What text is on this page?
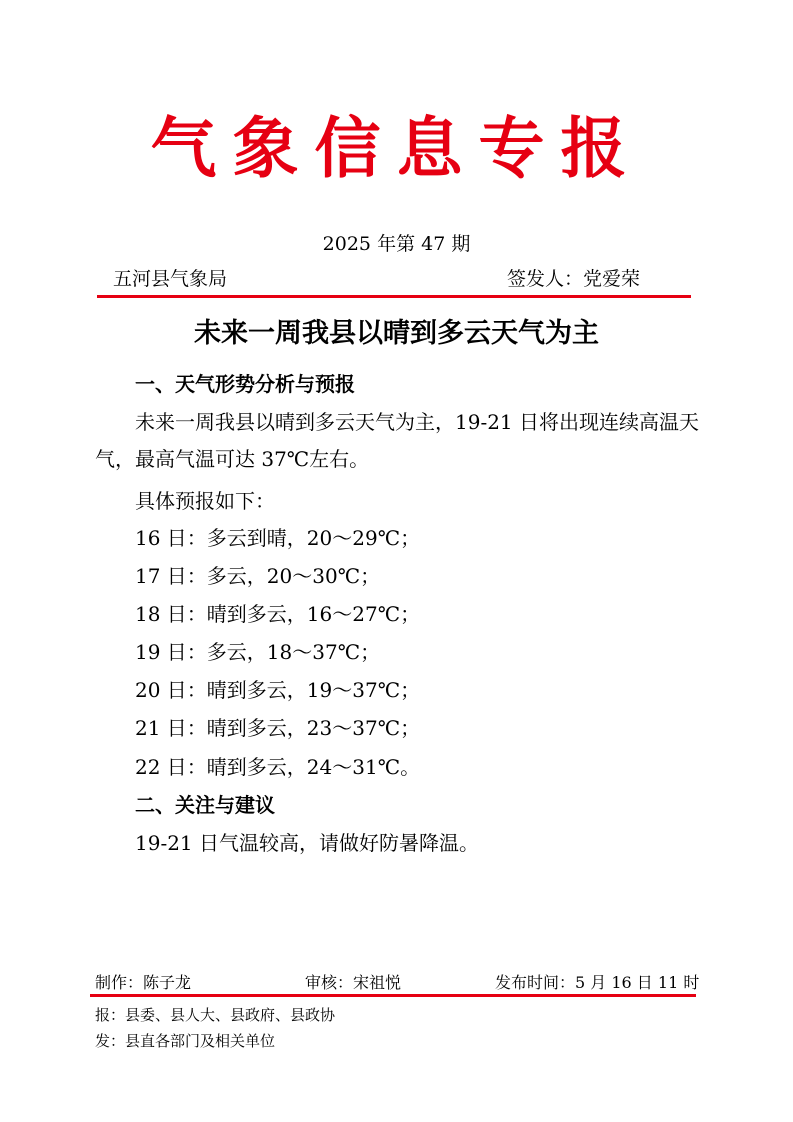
气象信息专报
2025 年第 47 期
五河县气象局	签发人：党爱荣
未来一周我县以晴到多云天气为主
一、天气形势分析与预报

未来一周我县以晴到多云天气为主，19-21 日将出现连续高温天气，最高气温可达 37℃左右。

具体预报如下：
16 日：多云到晴，20～29℃；
17 日：多云，20～30℃；
18 日：晴到多云，16～27℃；
19 日：多云，18～37℃；
20 日：晴到多云，19～37℃；
21 日：晴到多云，23～37℃；
22 日：晴到多云，24～31℃。
二、关注与建议
19-21 日气温较高，请做好防暑降温。
制作：陈子龙	审核：宋祖悦	发布时间：5 月 16 日 11 时
报：县委、县人大、县政府、县政协
发：县直各部门及相关单位
